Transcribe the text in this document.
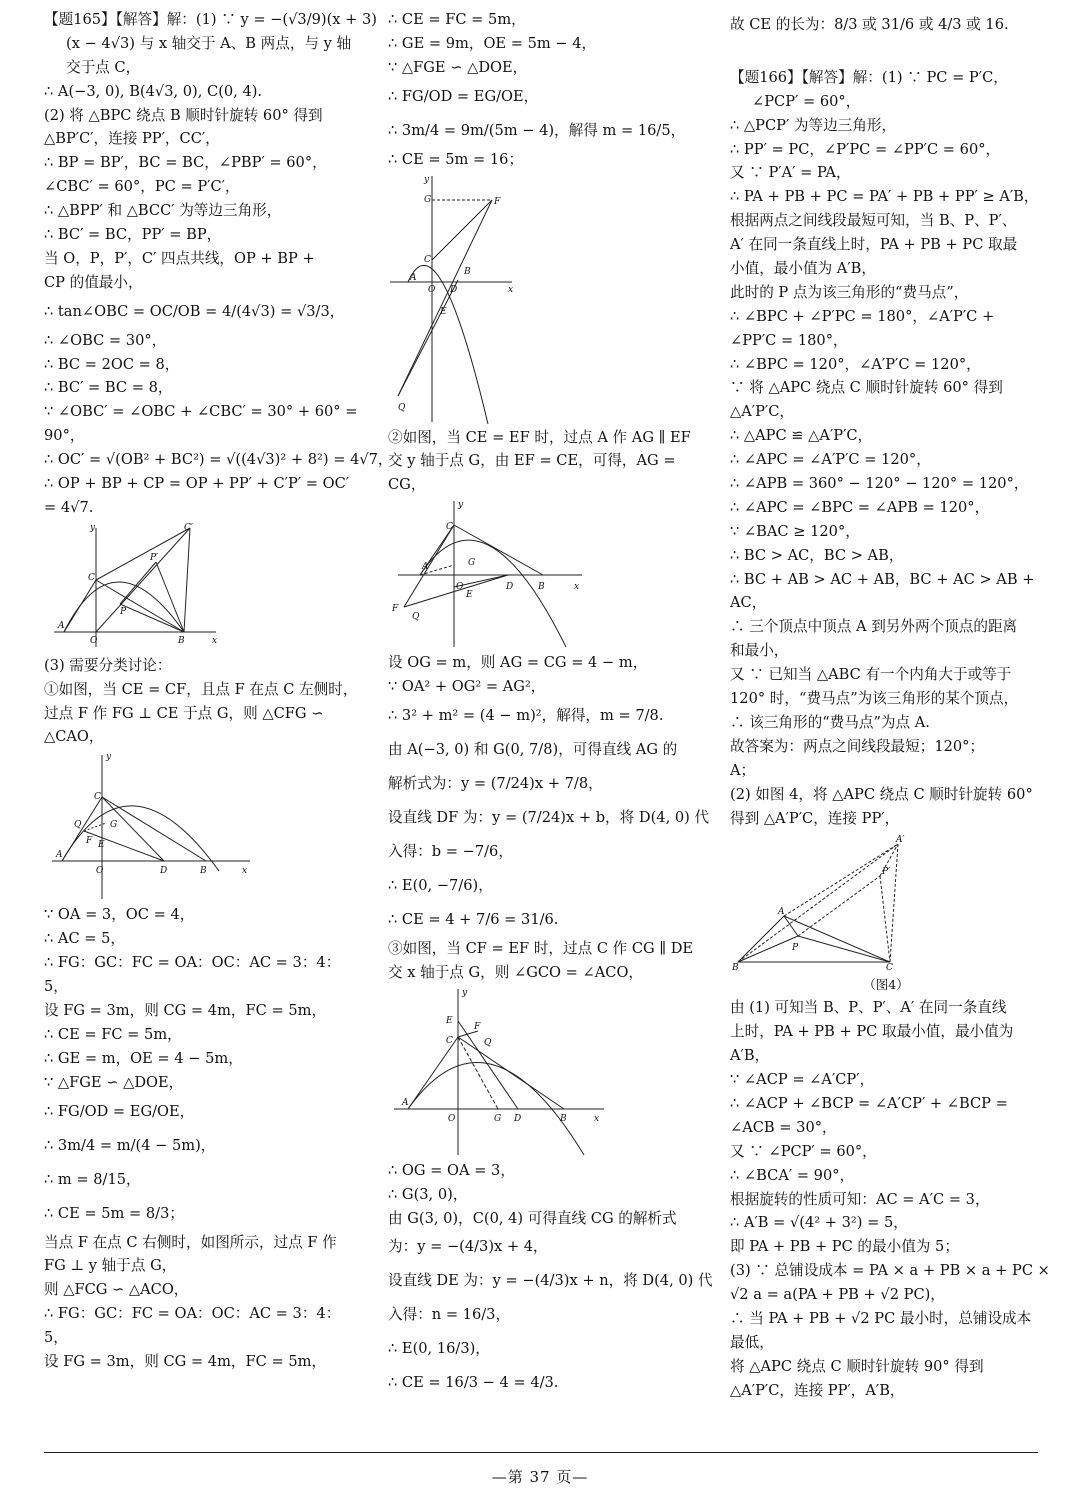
【题165】【解答】解：(1) ∵ y = −(√3/9)(x + 3)
(x − 4√3) 与 x 轴交于 A、B 两点，与 y 轴
交于点 C，
∴ A(−3, 0), B(4√3, 0), C(0, 4).
(2) 将 △BPC 绕点 B 顺时针旋转 60° 得到
△BP′C′，连接 PP′，CC′，
∴ BP = BP′，BC = BC，∠PBP′ = 60°，
∠CBC′ = 60°，PC = P′C′，
∴ △BPP′ 和 △BCC′ 为等边三角形，
∴ BC′ = BC，PP′ = BP，
当 O，P，P′，C′ 四点共线，OP + BP +
CP 的值最小，
∴ tan∠OBC = OC/OB = 4/(4√3) = √3/3，
∴ ∠OBC = 30°，
∴ BC = 2OC = 8，
∴ BC′ = BC = 8，
∵ ∠OBC′ = ∠OBC + ∠CBC′ = 30° + 60° =
90°，
∴ OC′ = √(OB² + BC²) = √((4√3)² + 8²) = 4√7，
∴ OP + BP + CP = OP + PP′ + C′P′ = OC′
= 4√7.
y	C′
P′
C
P
A
O	B	x
(3) 需要分类讨论：
①如图，当 CE = CF，且点 F 在点 C 左侧时，
过点 F 作 FG ⊥ CE 于点 G，则 △CFG ∽
△CAO，
y
C
Q
F
G
E
A
O	D	B	x
∵ OA = 3，OC = 4，
∴ AC = 5，
∴ FG：GC：FC = OA：OC：AC = 3：4：
5，
设 FG = 3m，则 CG = 4m，FC = 5m，
∴ CE = FC = 5m，
∴ GE = m，OE = 4 − 5m，
∵ △FGE ∽ △DOE，
∴ FG/OD = EG/OE，
∴ 3m/4 = m/(4 − 5m)，
∴ m = 8/15，
∴ CE = 5m = 8/3；
当点 F 在点 C 右侧时，如图所示，过点 F 作
FG ⊥ y 轴于点 G，
则 △FCG ∽ △ACO，
∴ FG：GC：FC = OA：OC：AC = 3：4：
5，
设 FG = 3m，则 CG = 4m，FC = 5m，
∴ CE = FC = 5m，
∴ GE = 9m，OE = 5m − 4，
∵ △FGE ∽ △DOE，
∴ FG/OD = EG/OE，
∴ 3m/4 = 9m/(5m − 4)，解得 m = 16/5，
∴ CE = 5m = 16；
y
G	F
C
B
A
O D
E
Q
x
②如图，当 CE = EF 时，过点 A 作 AG ∥ EF
交 y 轴于点 G，由 EF = CE，可得，AG =
CG，
y
C
G
A
O	D	B	x
E
F
Q
设 OG = m，则 AG = CG = 4 − m，
∵ OA² + OG² = AG²，
∴ 3² + m² = (4 − m)²，解得，m = 7/8.
由 A(−3, 0) 和 G(0, 7/8)，可得直线 AG 的
解析式为：y = (7/24)x + 7/8，
设直线 DF 为：y = (7/24)x + b，将 D(4, 0) 代
入得：b = −7/6，
∴ E(0, −7/6)，
∴ CE = 4 + 7/6 = 31/6.
③如图，当 CF = EF 时，过点 C 作 CG ∥ DE
交 x 轴于点 G，则 ∠GCO = ∠ACO，
y
E
F
C	Q
A
O	G D	B	x
∴ OG = OA = 3，
∴ G(3, 0)，
由 G(3, 0)，C(0, 4) 可得直线 CG 的解析式
为：y = −(4/3)x + 4，
设直线 DE 为：y = −(4/3)x + n，将 D(4, 0) 代
入得：n = 16/3，
∴ E(0, 16/3)，
∴ CE = 16/3 − 4 = 4/3.
故 CE 的长为：8/3 或 31/6 或 4/3 或 16.
【题166】【解答】解：(1) ∵ PC = P′C，
∠PCP′ = 60°，
∴ △PCP′ 为等边三角形，
∴ PP′ = PC，∠P′PC = ∠PP′C = 60°，
又 ∵ P′A′ = PA，
∴ PA + PB + PC = PA′ + PB + PP′ ≥ A′B，
根据两点之间线段最短可知，当 B、P、P′、
A′ 在同一条直线上时，PA + PB + PC 取最
小值，最小值为 A′B，
此时的 P 点为该三角形的“费马点”，
∴ ∠BPC + ∠P′PC = 180°，∠A′P′C +
∠PP′C = 180°，
∴ ∠BPC = 120°，∠A′P′C = 120°，
∵ 将 △APC 绕点 C 顺时针旋转 60° 得到
△A′P′C，
∴ △APC ≌ △A′P′C，
∴ ∠APC = ∠A′P′C = 120°，
∴ ∠APB = 360° − 120° − 120° = 120°，
∴ ∠APC = ∠BPC = ∠APB = 120°，
∵ ∠BAC ≥ 120°，
∴ BC > AC，BC > AB，
∴ BC + AB > AC + AB，BC + AC > AB +
AC，
∴ 三个顶点中顶点 A 到另外两个顶点的距离
和最小，
又 ∵ 已知当 △ABC 有一个内角大于或等于
120° 时，“费马点”为该三角形的某个顶点，
∴ 该三角形的“费马点”为点 A.
故答案为：两点之间线段最短；120°；
A；
(2) 如图 4，将 △APC 绕点 C 顺时针旋转 60°
得到 △A′P′C，连接 PP′，
A′
P′
A
P
B	C
（图4）
由 (1) 可知当 B、P、P′、A′ 在同一条直线
上时，PA + PB + PC 取最小值，最小值为
A′B，
∵ ∠ACP = ∠A′CP′，
∴ ∠ACP + ∠BCP = ∠A′CP′ + ∠BCP =
∠ACB = 30°，
又 ∵ ∠PCP′ = 60°，
∴ ∠BCA′ = 90°，
根据旋转的性质可知：AC = A′C = 3，
∴ A′B = √(4² + 3²) = 5，
即 PA + PB + PC 的最小值为 5；
(3) ∵ 总铺设成本 = PA × a + PB × a + PC ×
√2 a = a(PA + PB + √2 PC)，
∴ 当 PA + PB + √2 PC 最小时，总铺设成本
最低，
将 △APC 绕点 C 顺时针旋转 90° 得到
△A′P′C，连接 PP′，A′B，
—第 37 页—
